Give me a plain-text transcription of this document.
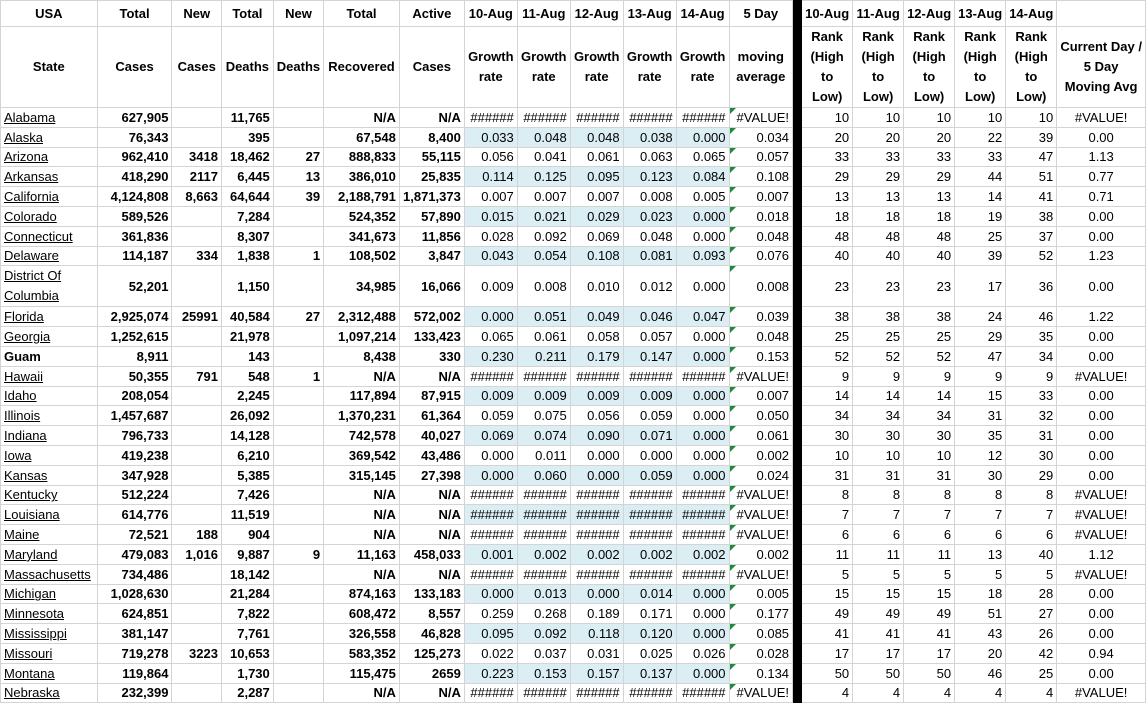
USA	Total	New	Total	New	Total	Active	10-Aug	11-Aug	12-Aug	13-Aug	14-Aug	5 Day		10-Aug	11-Aug	12-Aug	13-Aug	14-Aug	
State	Cases	Cases	Deaths	Deaths	Recovered	Cases	Growth rate	Growth rate	Growth rate	Growth rate	Growth rate	moving average		Rank (High to Low)	Rank (High to Low)	Rank (High to Low)	Rank (High to Low)	Rank (High to Low)	Current Day / 5 Day Moving Avg
Alabama	627,905		11,765		N/A	N/A	######	######	######	######	######	#VALUE!		10	10	10	10	10	#VALUE!
Alaska	76,343		395		67,548	8,400	0.033	0.048	0.048	0.038	0.000	0.034		20	20	20	22	39	0.00
Arizona	962,410	3418	18,462	27	888,833	55,115	0.056	0.041	0.061	0.063	0.065	0.057		33	33	33	33	47	1.13
Arkansas	418,290	2117	6,445	13	386,010	25,835	0.114	0.125	0.095	0.123	0.084	0.108		29	29	29	44	51	0.77
California	4,124,808	8,663	64,644	39	2,188,791	1,871,373	0.007	0.007	0.007	0.008	0.005	0.007		13	13	13	14	41	0.71
Colorado	589,526		7,284		524,352	57,890	0.015	0.021	0.029	0.023	0.000	0.018		18	18	18	19	38	0.00
Connecticut	361,836		8,307		341,673	11,856	0.028	0.092	0.069	0.048	0.000	0.048		48	48	48	25	37	0.00
Delaware	114,187	334	1,838	1	108,502	3,847	0.043	0.054	0.108	0.081	0.093	0.076		40	40	40	39	52	1.23
District Of Columbia	52,201		1,150		34,985	16,066	0.009	0.008	0.010	0.012	0.000	0.008		23	23	23	17	36	0.00
Florida	2,925,074	25991	40,584	27	2,312,488	572,002	0.000	0.051	0.049	0.046	0.047	0.039		38	38	38	24	46	1.22
Georgia	1,252,615		21,978		1,097,214	133,423	0.065	0.061	0.058	0.057	0.000	0.048		25	25	25	29	35	0.00
Guam	8,911		143		8,438	330	0.230	0.211	0.179	0.147	0.000	0.153		52	52	52	47	34	0.00
Hawaii	50,355	791	548	1	N/A	N/A	######	######	######	######	######	#VALUE!		9	9	9	9	9	#VALUE!
Idaho	208,054		2,245		117,894	87,915	0.009	0.009	0.009	0.009	0.000	0.007		14	14	14	15	33	0.00
Illinois	1,457,687		26,092		1,370,231	61,364	0.059	0.075	0.056	0.059	0.000	0.050		34	34	34	31	32	0.00
Indiana	796,733		14,128		742,578	40,027	0.069	0.074	0.090	0.071	0.000	0.061		30	30	30	35	31	0.00
Iowa	419,238		6,210		369,542	43,486	0.000	0.011	0.000	0.000	0.000	0.002		10	10	10	12	30	0.00
Kansas	347,928		5,385		315,145	27,398	0.000	0.060	0.000	0.059	0.000	0.024		31	31	31	30	29	0.00
Kentucky	512,224		7,426		N/A	N/A	######	######	######	######	######	#VALUE!		8	8	8	8	8	#VALUE!
Louisiana	614,776		11,519		N/A	N/A	######	######	######	######	######	#VALUE!		7	7	7	7	7	#VALUE!
Maine	72,521	188	904		N/A	N/A	######	######	######	######	######	#VALUE!		6	6	6	6	6	#VALUE!
Maryland	479,083	1,016	9,887	9	11,163	458,033	0.001	0.002	0.002	0.002	0.002	0.002		11	11	11	13	40	1.12
Massachusetts	734,486		18,142		N/A	N/A	######	######	######	######	######	#VALUE!		5	5	5	5	5	#VALUE!
Michigan	1,028,630		21,284		874,163	133,183	0.000	0.013	0.000	0.014	0.000	0.005		15	15	15	18	28	0.00
Minnesota	624,851		7,822		608,472	8,557	0.259	0.268	0.189	0.171	0.000	0.177		49	49	49	51	27	0.00
Mississippi	381,147		7,761		326,558	46,828	0.095	0.092	0.118	0.120	0.000	0.085		41	41	41	43	26	0.00
Missouri	719,278	3223	10,653		583,352	125,273	0.022	0.037	0.031	0.025	0.026	0.028		17	17	17	20	42	0.94
Montana	119,864		1,730		115,475	2659	0.223	0.153	0.157	0.137	0.000	0.134		50	50	50	46	25	0.00
Nebraska	232,399		2,287		N/A	N/A	######	######	######	######	######	#VALUE!		4	4	4	4	4	#VALUE!
